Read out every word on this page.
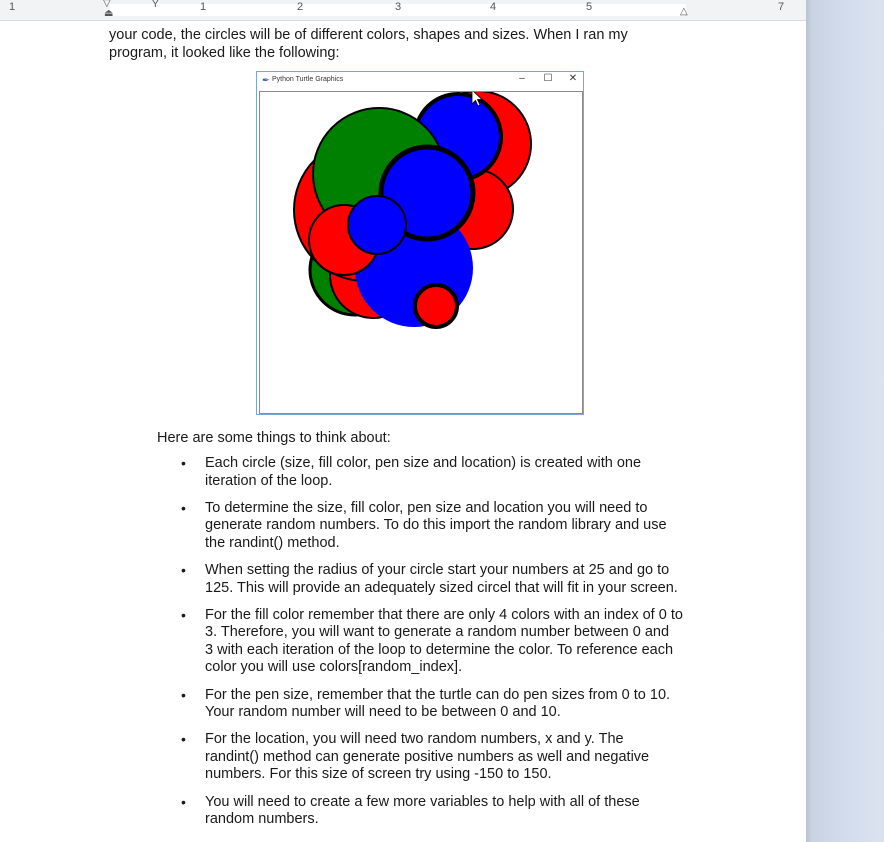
1	1	2	3	4	5	7
▽
⏏
Y
△
your code, the circles will be of different colors, shapes and sizes. When I ran my
program, it looked like the following:
✒ Python Turtle Graphics	–	☐ ✕
Here are some things to think about:
• Each circle (size, fill color, pen size and location) is created with one
iteration of the loop.
• To determine the size, fill color, pen size and location you will need to
generate random numbers. To do this import the random library and use
the randint() method.
• When setting the radius of your circle start your numbers at 25 and go to
125. This will provide an adequately sized circel that will fit in your screen.
• For the fill color remember that there are only 4 colors with an index of 0 to
3. Therefore, you will want to generate a random number between 0 and
3 with each iteration of the loop to determine the color. To reference each
color you will use colors[random_index].
• For the pen size, remember that the turtle can do pen sizes from 0 to 10.
Your random number will need to be between 0 and 10.
• For the location, you will need two random numbers, x and y. The
randint() method can generate positive numbers as well and negative
numbers. For this size of screen try using -150 to 150.
• You will need to create a few more variables to help with all of these
random numbers.
